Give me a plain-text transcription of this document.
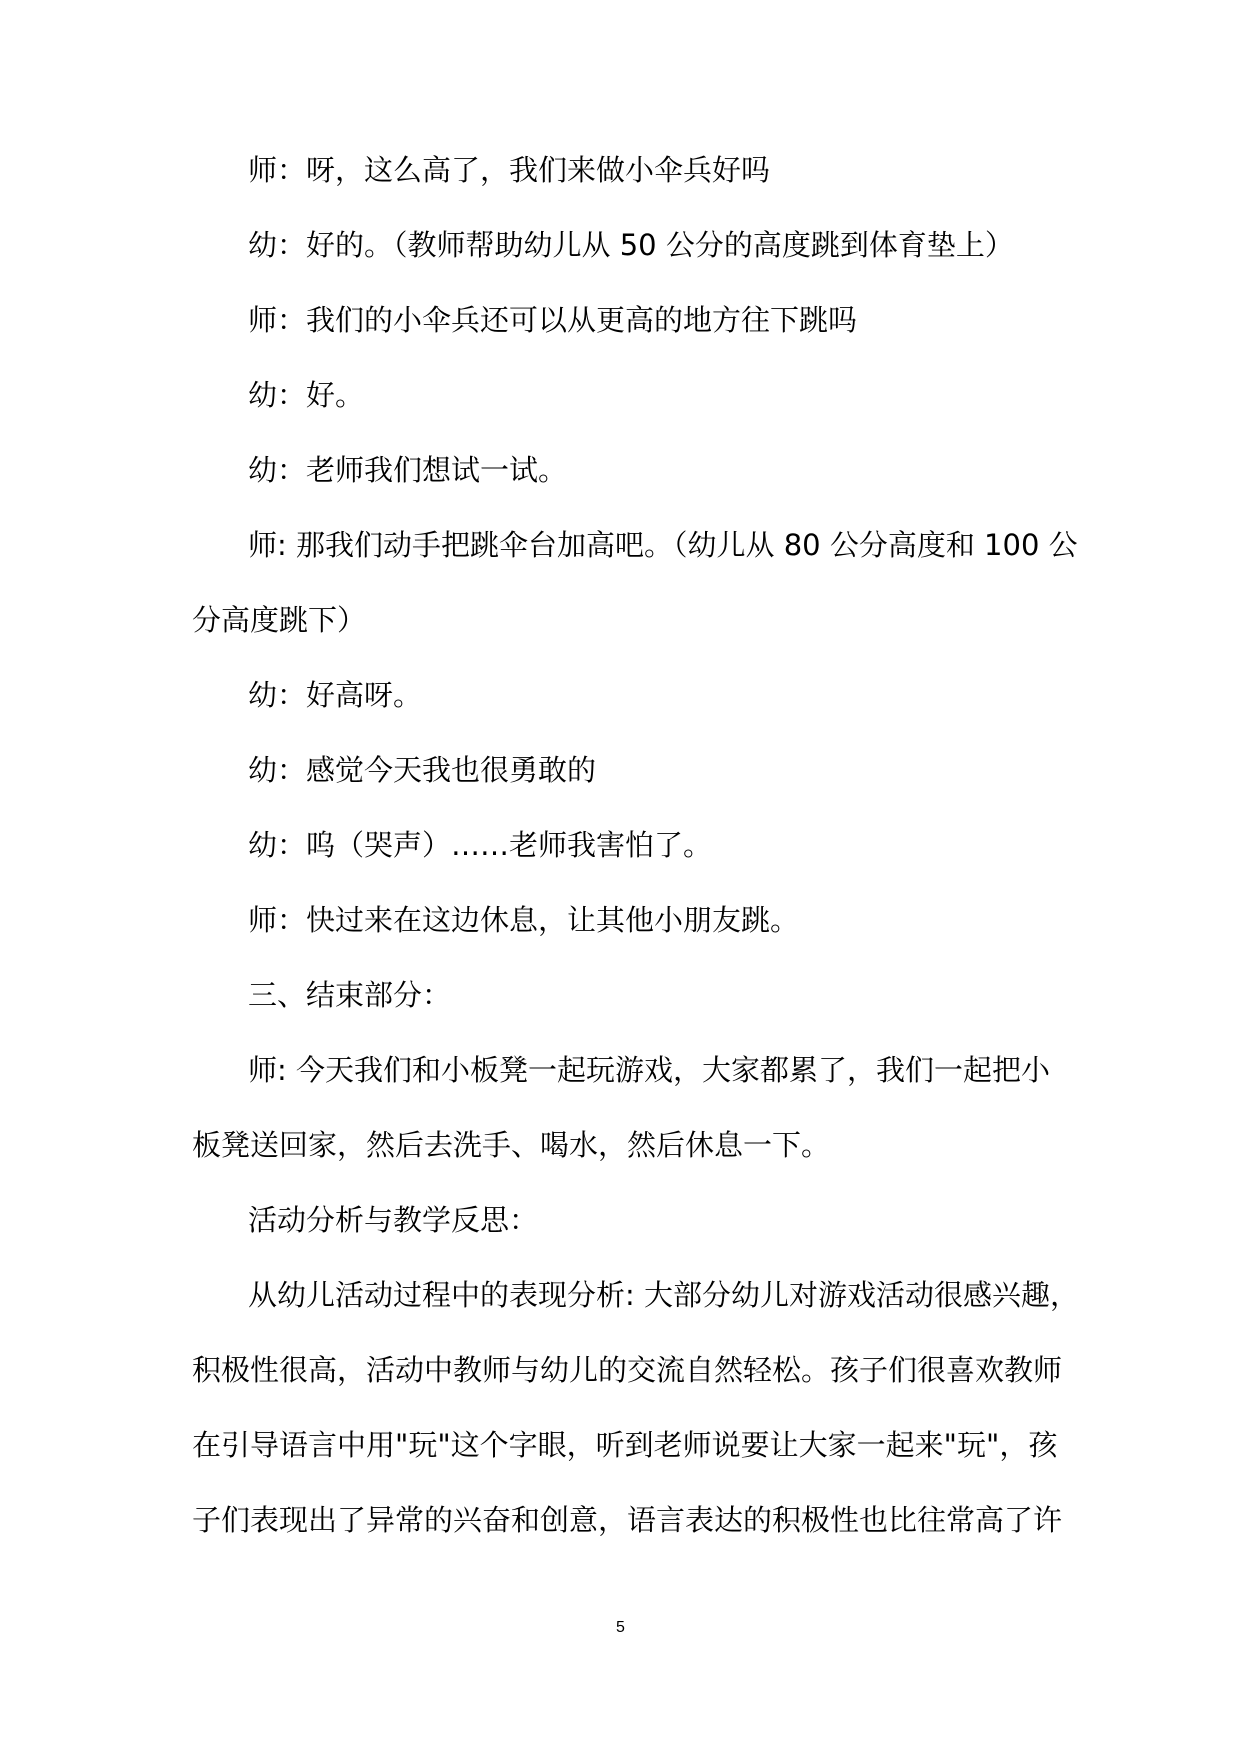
师：呀，这么高了，我们来做小伞兵好吗
幼：好的。（教师帮助幼儿从 50 公分的高度跳到体育垫上）
师：我们的小伞兵还可以从更高的地方往下跳吗
幼：好。
幼：老师我们想试一试。
师: 那我们动手把跳伞台加高吧。（幼儿从 80 公分高度和 100 公
分高度跳下）
幼：好高呀。
幼：感觉今天我也很勇敢的
幼：呜（哭声）……老师我害怕了。
师：快过来在这边休息，让其他小朋友跳。
三、结束部分：
师: 今天我们和小板凳一起玩游戏，大家都累了，我们一起把小
板凳送回家，然后去洗手、喝水，然后休息一下。
活动分析与教学反思：
从幼儿活动过程中的表现分析: 大部分幼儿对游戏活动很感兴趣，
积极性很高，活动中教师与幼儿的交流自然轻松。孩子们很喜欢教师
在引导语言中用"玩"这个字眼，听到老师说要让大家一起来"玩"，孩
子们表现出了异常的兴奋和创意，语言表达的积极性也比往常高了许
5
